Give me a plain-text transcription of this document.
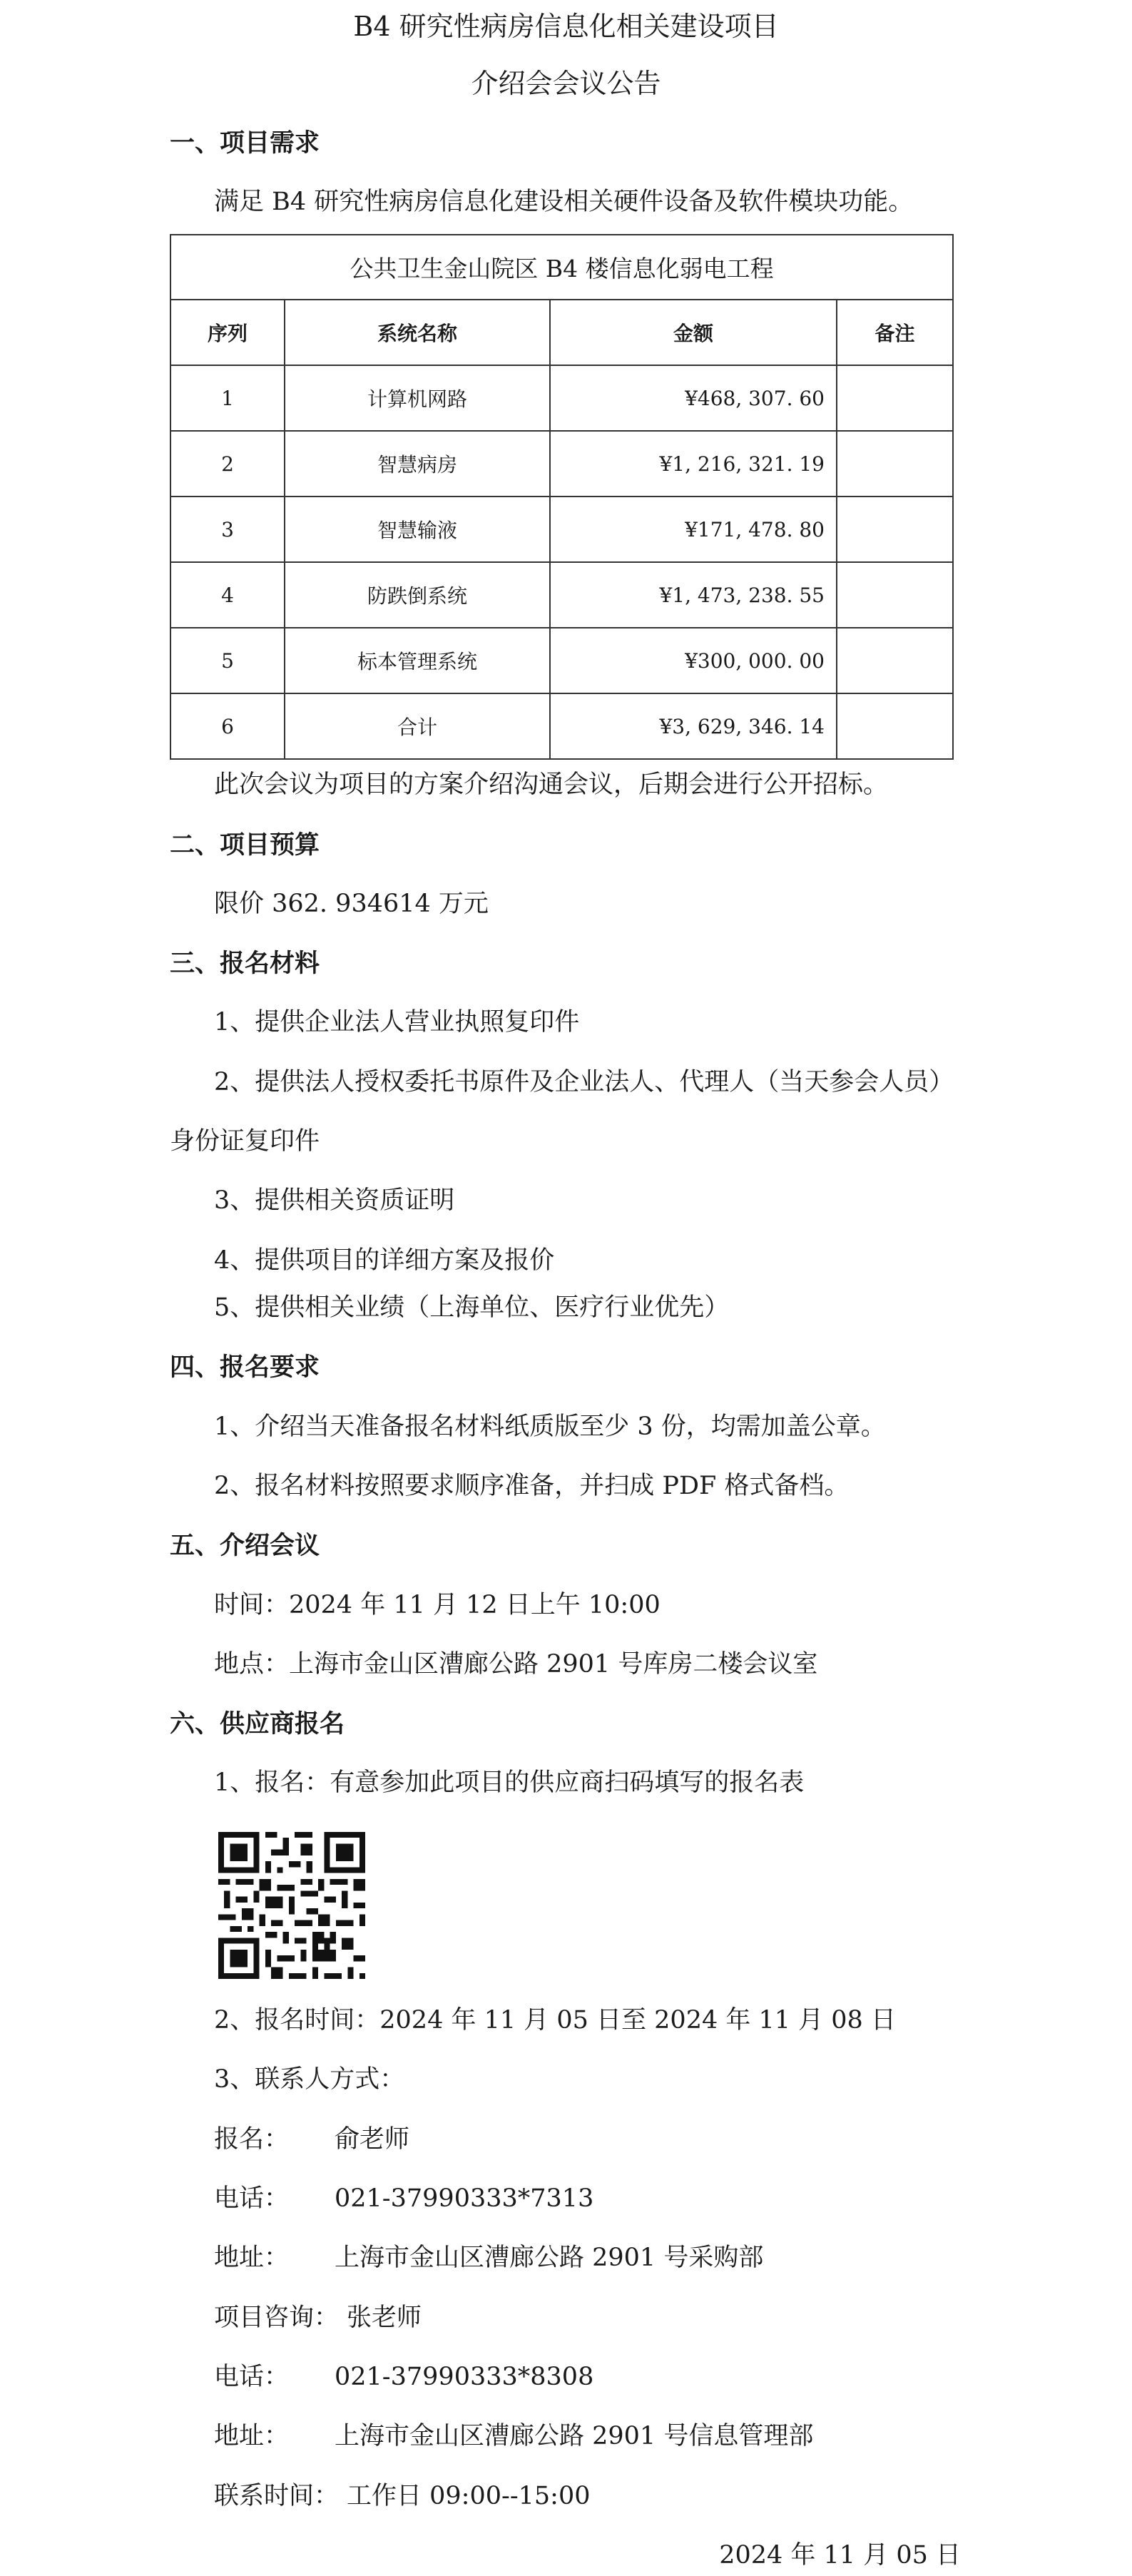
B4 研究性病房信息化相关建设项目
介绍会会议公告
一、项目需求
满足 B4 研究性病房信息化建设相关硬件设备及软件模块功能。
公共卫生金山院区 B4 楼信息化弱电工程			
序列	系统名称	金额	备注
1	计算机网路	¥468, 307. 60	
2	智慧病房	¥1, 216, 321. 19	
3	智慧输液	¥171, 478. 80	
4	防跌倒系统	¥1, 473, 238. 55	
5	标本管理系统	¥300, 000. 00	
6	合计	¥3, 629, 346. 14	
此次会议为项目的方案介绍沟通会议，后期会进行公开招标。
二、项目预算
限价 362. 934614 万元
三、报名材料
1、提供企业法人营业执照复印件
2、提供法人授权委托书原件及企业法人、代理人（当天参会人员）
身份证复印件
3、提供相关资质证明
4、提供项目的详细方案及报价
5、提供相关业绩（上海单位、医疗行业优先）
四、报名要求
1、介绍当天准备报名材料纸质版至少 3 份，均需加盖公章。
2、报名材料按照要求顺序准备，并扫成 PDF 格式备档。
五、介绍会议
时间：2024 年 11 月 12 日上午 10:00
地点：上海市金山区漕廊公路 2901 号库房二楼会议室
六、供应商报名
1、报名：有意参加此项目的供应商扫码填写的报名表
2、报名时间：2024 年 11 月 05 日至 2024 年 11 月 08 日
3、联系人方式：
报名： 俞老师
电话： 021-37990333*7313
地址： 上海市金山区漕廊公路 2901 号采购部
项目咨询： 张老师
电话： 021-37990333*8308
地址： 上海市金山区漕廊公路 2901 号信息管理部
联系时间： 工作日 09:00--15:00
2024 年 11 月 05 日
